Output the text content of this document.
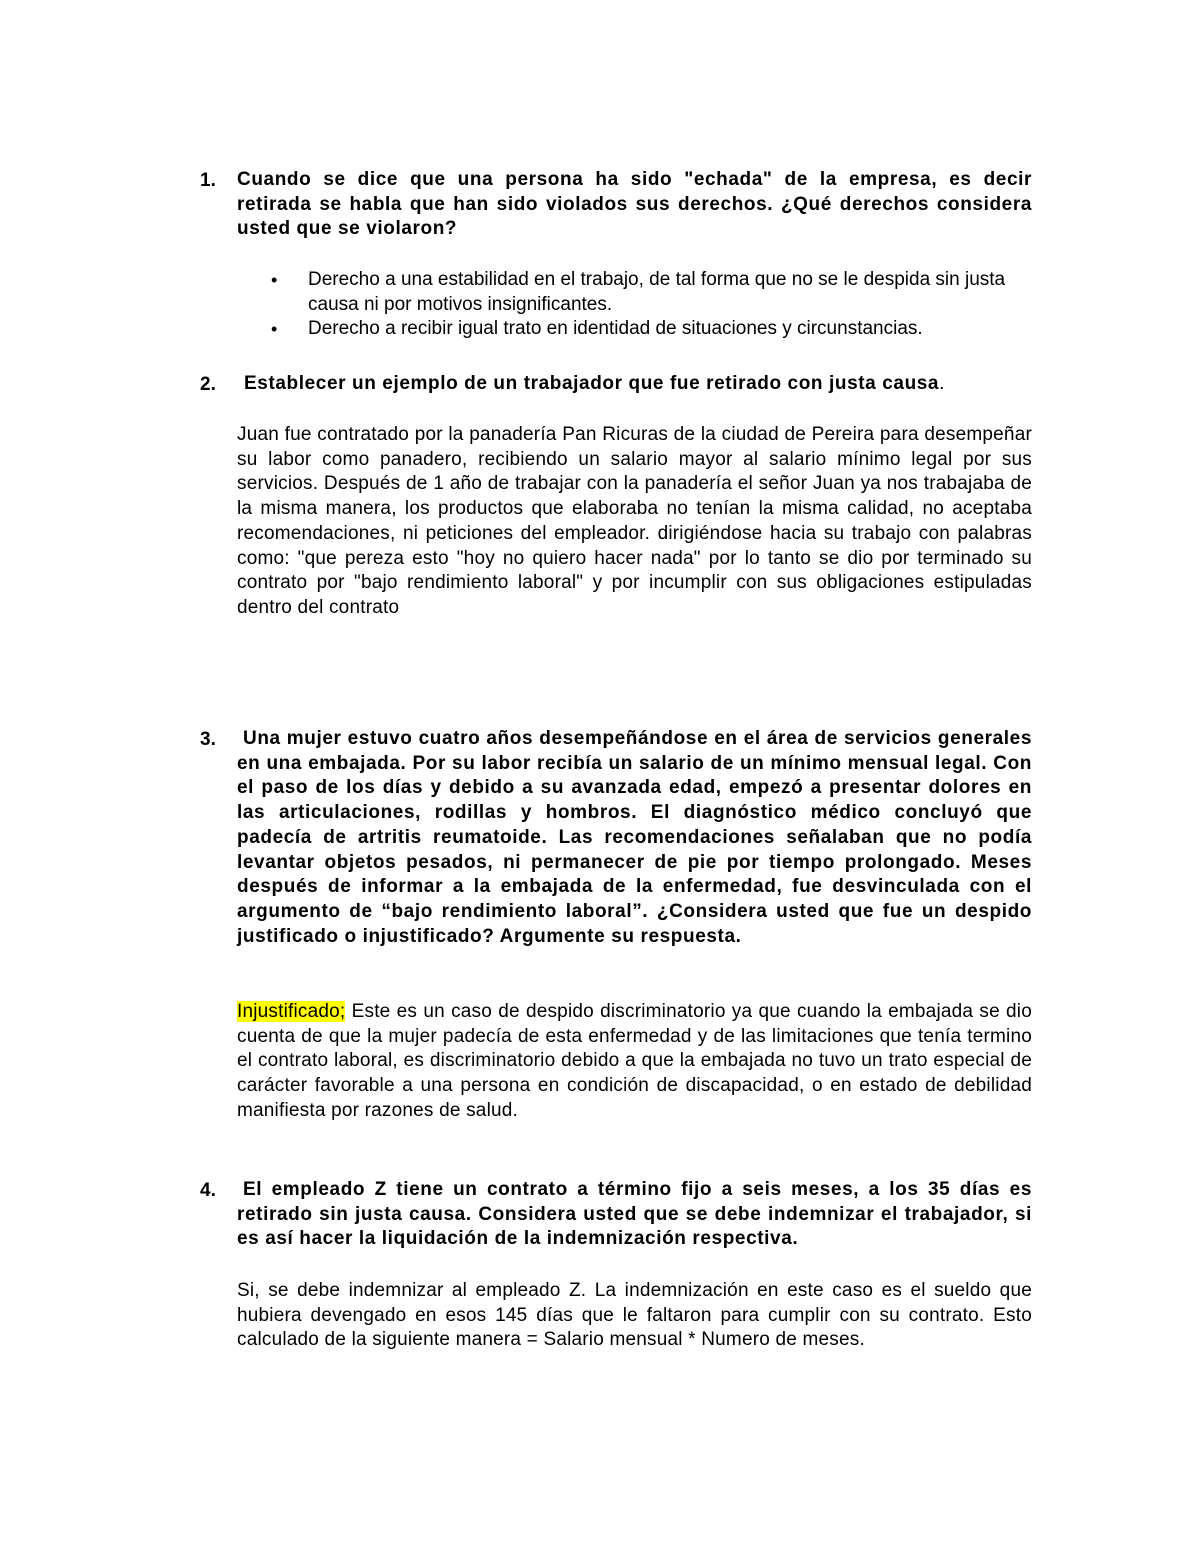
1. Cuando se dice que una persona ha sido "echada" de la empresa, es decir retirada se habla que han sido violados sus derechos. ¿Qué derechos considera usted que se violaron?
• Derecho a una estabilidad en el trabajo, de tal forma que no se le despida sin justa causa ni por motivos insignificantes.
• Derecho a recibir igual trato en identidad de situaciones y circunstancias.
2. Establecer un ejemplo de un trabajador que fue retirado con justa causa.
Juan fue contratado por la panadería Pan Ricuras de la ciudad de Pereira para desempeñar su labor como panadero, recibiendo un salario mayor al salario mínimo legal por sus servicios. Después de 1 año de trabajar con la panadería el señor Juan ya nos trabajaba de la misma manera, los productos que elaboraba no tenían la misma calidad, no aceptaba recomendaciones, ni peticiones del empleador. dirigiéndose hacia su trabajo con palabras como: "que pereza esto "hoy no quiero hacer nada" por lo tanto se dio por terminado su contrato por "bajo rendimiento laboral" y por incumplir con sus obligaciones estipuladas dentro del contrato
3.	Una mujer estuvo cuatro años desempeñándose en el área de servicios generales en una embajada. Por su labor recibía un salario de un mínimo mensual legal. Con el paso de los días y debido a su avanzada edad, empezó a presentar dolores en las articulaciones, rodillas y hombros. El diagnóstico médico concluyó que padecía de artritis reumatoide. Las recomendaciones señalaban que no podía levantar objetos pesados, ni permanecer de pie por tiempo prolongado. Meses después de informar a la embajada de la enfermedad, fue desvinculada con el argumento de “bajo rendimiento laboral”. ¿Considera usted que fue un despido justificado o injustificado? Argumente su respuesta.
Injustificado; Este es un caso de despido discriminatorio ya que cuando la embajada se dio cuenta de que la mujer padecía de esta enfermedad y de las limitaciones que tenía termino el contrato laboral, es discriminatorio debido a que la embajada no tuvo un trato especial de carácter favorable a una persona en condición de discapacidad, o en estado de debilidad manifiesta por razones de salud.
4.	El empleado Z tiene un contrato a término fijo a seis meses, a los 35 días es retirado sin justa causa. Considera usted que se debe indemnizar el trabajador, si es así hacer la liquidación de la indemnización respectiva.
Si, se debe indemnizar al empleado Z. La indemnización en este caso es el sueldo que hubiera devengado en esos 145 días que le faltaron para cumplir con su contrato. Esto calculado de la siguiente manera = Salario mensual * Numero de meses.
